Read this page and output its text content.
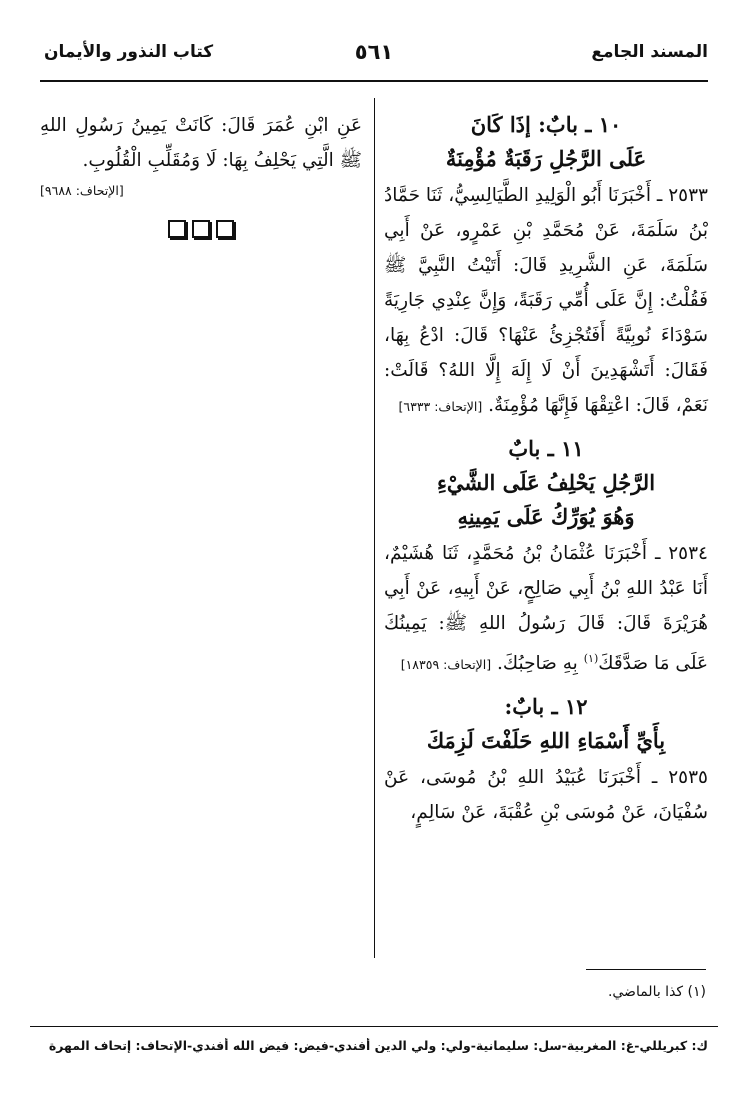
المسند الجامع
٥٦١
كتاب النذور والأيمان

١٠ ـ بابٌ: إذَا كَانَ

عَلَى الرَّجُلِ رَقَبَةٌ مُؤْمِنَةٌ

٢٥٣٣ ـ أَخْبَرَنَا أَبُو الْوَلِيدِ الطَّيَالِسِيُّ، ثَنَا حَمَّادُ بْنُ سَلَمَةَ، عَنْ مُحَمَّدِ بْنِ عَمْرٍو، عَنْ أَبِي سَلَمَةَ، عَنِ الشَّرِيدِ قَالَ: أَتَيْتُ النَّبِيَّ ﷺ فَقُلْتُ: إِنَّ عَلَى أُمِّي رَقَبَةً، وَإِنَّ عِنْدِي جَارِيَةً سَوْدَاءَ نُوبِيَّةً أَفَتُجْزِئُ عَنْهَا؟ قَالَ: ادْعُ بِهَا، فَقَالَ: أَتَشْهَدِينَ أَنْ لَا إِلَهَ إِلَّا اللهُ؟ قَالَتْ: نَعَمْ، قَالَ: اعْتِقْهَا فَإِنَّهَا مُؤْمِنَةٌ. [الإتحاف: ٦٣٣٣]

١١ ـ بابٌ

الرَّجُلِ يَحْلِفُ عَلَى الشَّيْءِ

وَهُوَ يُوَرِّكُ عَلَى يَمِينِهِ

٢٥٣٤ ـ أَخْبَرَنَا عُثْمَانُ بْنُ مُحَمَّدٍ، ثَنَا هُشَيْمٌ، أَنَا عَبْدُ اللهِ بْنُ أَبِي صَالِحٍ، عَنْ أَبِيهِ، عَنْ أَبِي هُرَيْرَةَ قَالَ: قَالَ رَسُولُ اللهِ ﷺ: يَمِينُكَ عَلَى مَا صَدَّقَكَ$^{(١)}$ بِهِ صَاحِبُكَ. [الإتحاف: ١٨٣٥٩]

١٢ ـ بابٌ:

بِأَيِّ أَسْمَاءِ اللهِ حَلَفْتَ لَزِمَكَ

٢٥٣٥ ـ أَخْبَرَنَا عُبَيْدُ اللهِ بْنُ مُوسَى، عَنْ سُفْيَانَ، عَنْ مُوسَى بْنِ عُقْبَةَ، عَنْ سَالِمٍ،

عَنِ ابْنِ عُمَرَ قَالَ: كَانَتْ يَمِينُ رَسُولِ اللهِ ﷺ الَّتِي يَحْلِفُ بِهَا: لَا وَمُقَلِّبِ الْقُلُوبِ.

[الإتحاف: ٩٦٨٨]

(١) كذا بالماضي.
ك: كبريللي-غ: المغربية-سل: سليمانية-ولي: ولي الدين أفندي-فيض: فيض الله أفندي-الإتحاف: إتحاف المهرة
